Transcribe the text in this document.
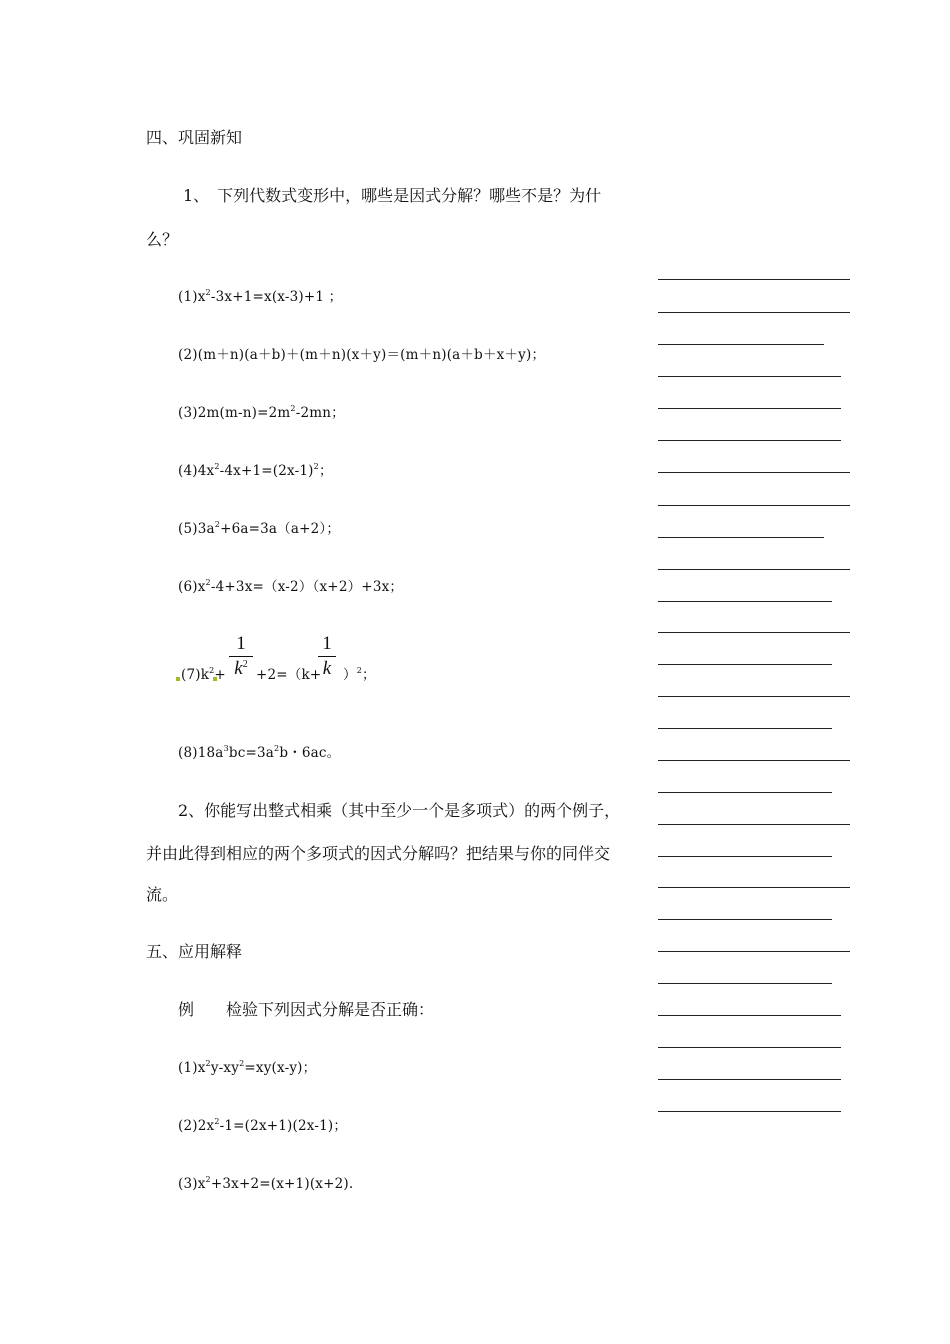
四、巩固新知
1、　下列代数式变形中，哪些是因式分解？哪些不是？为什
么？
$(1)x^2-3x+1=x(x-3)+1$ ；
(2)(m＋n)(a＋b)＋(m＋n)(x＋y)＝(m＋n)(a＋b＋x＋y)；
$(3)2m(m-n)=2m^2-2mn$；
$(4)4x^2-4x+1=(2x-1)^2$；
$(5)3a^2+6a=3a(a+2)$；
$(6)x^2-4+3x=(x-2)(x+2)+3x$；
$(7)k^2+$
1
$k^2$
+2=（k+
1
k ）$^2$；
$(8)18a^3bc=3a^2b$・6ac。
2、你能写出整式相乘（其中至少一个是多项式）的两个例子，
并由此得到相应的两个多项式的因式分解吗？把结果与你的同伴交
流。
五、应用解释
例　　检验下列因式分解是否正确：
$(1)x^2y-xy^2=xy(x-y)$；
$(2)2x^2-1=(2x+1)(2x-1)$；
$(3)x^2+3x+2=(x+1)(x+2)$.
